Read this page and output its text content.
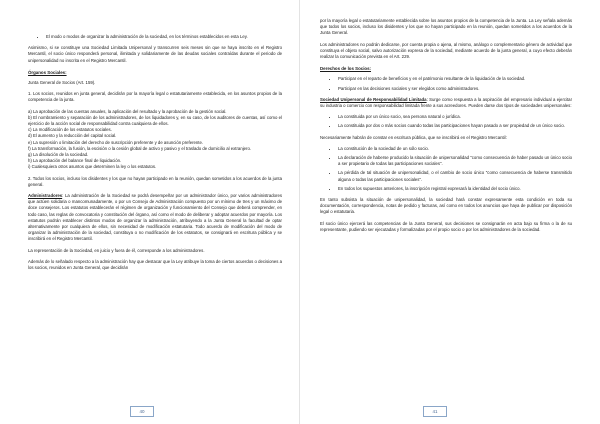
• El modo o modos de organizar la administración de la sociedad, en los términos establecidos en esta Ley.

Asimismo, si se constituye una Sociedad Limitada Unipersonal y transcurren seis meses sin que se haya inscrito en el Registro Mercantil, el socio único responderá personal, ilimitada y solidariamente de las deudas sociales contraídas durante el periodo de unipersonalidad no inscrita en el Registro Mercantil.

Órganos Sociales:

Junta General de Socios (Art. 159).

1. Los socios, reunidos en junta general, decidirán por la mayoría legal o estatutariamente establecida, en los asuntos propios de la competencia de la junta.

a) La aprobación de las cuentas anuales, la aplicación del resultado y la aprobación de la gestión social.

b) El nombramiento y separación de los administradores, de los liquidadores y, en su caso, de los auditores de cuentas, así como el ejercicio de la acción social de responsabilidad contra cualquiera de ellos.

c) La modificación de los estatutos sociales.

d) El aumento y la reducción del capital social.

e) La supresión o limitación del derecho de suscripción preferente y de asunción preferente.

f) La transformación, la fusión, la escisión o la cesión global de activo y pasivo y el traslado de domicilio al extranjero.

g) La disolución de la sociedad.

h) La aprobación del balance final de liquidación.

i) Cualesquiera otros asuntos que determinen la ley o los estatutos.

2. Todos los socios, incluso los disidentes y los que no hayan participado en la reunión, quedan sometidos a los acuerdos de la junta general.

Administradores: La administración de la Sociedad se podrá desempeñar por un administrador único, por varios administradores que actúen solidaria o mancomunadamente, o por un Consejo de Administración compuesto por un mínimo de tres y un máximo de doce consejeros. Los estatutos establecerán el régimen de organización y funcionamiento del Consejo que deberá comprender, en todo caso, las reglas de convocatoria y constitución del órgano, así como el modo de deliberar y adoptar acuerdos por mayoría. Los estatutos podrán establecer distintos modos de organizar la administración, atribuyendo a la Junta General la facultad de optar alternativamente por cualquiera de ellos, sin necesidad de modificación estatutaria. Todo acuerdo de modificación del modo de organizar la administración de la sociedad, constituya o no modificación de los estatutos, se consignará en escritura pública y se inscribirá en el Registro Mercantil.

La representación de la Sociedad, en juicio y fuera de él, corresponde a los administradores.

Además de lo señalado respecto a la administración hay que destacar que la Ley atribuye la toma de ciertos acuerdos o decisiones a los socios, reunidos en Junta General, que decidirán

40

por la mayoría legal o estatutariamente establecida sobre los asuntos propios de la competencia de la Junta. La Ley señala además que todos los socios, incluso los disidentes y los que no hayan participado en la reunión, quedan sometidos a los acuerdos de la Junta General.

Los administradores no podrán dedicarse, por cuenta propia o ajena, al mismo, análogo o complementario género de actividad que constituya el objeto social, salvo autorización expresa de la sociedad, mediante acuerdo de la junta general, a cuyo efecto deberán realizar la comunicación prevista en el Art. 229.

Derechos de los Socios:

• Participar en el reparto de beneficios y en el patrimonio resultante de la liquidación de la sociedad.
• Participar en las decisiones sociales y ser elegidos como administradores.

Sociedad Unipersonal de Responsabilidad Limitada: Surge como respuesta a la aspiración del empresario individual a ejercitar su industria o comercio con responsabilidad limitada frente a sus acreedores. Pueden darse dos tipos de sociedades unipersonales:

• La constituida por un único socio, sea persona natural o jurídica.
• La constituida por dos o más socios cuando todas las participaciones hayan pasado a ser propiedad de un único socio.

Necesariamente habrán de constar en escritura pública, que se inscribirá en el Registro Mercantil:

• La constitución de la sociedad de un sólo socio.
• La declaración de haberse producido la situación de unipersonalidad "como consecuencia de haber pasado un único socio a ser propietario de todas las participaciones sociales".
• La pérdida de tal situación de unipersonalidad, o el cambio de socio único "como consecuencia de haberse transmitido alguna o todas las participaciones sociales".
• En todos los supuestos anteriores, la inscripción registral expresará la identidad del socio único.

En tanto subsista la situación de unipersonalidad, la sociedad hará constar expresamente esta condición en toda su documentación, correspondencia, notas de pedido y facturas, así como en todos los anuncios que haya de publicar por disposición legal o estatutaria.

El socio único ejercerá las competencias de la Junta General, sus decisiones se consignarán en acta bajo su firma o la de su representante, pudiendo ser ejecutadas y formalizadas por el propio socio o por los administradores de la sociedad.

41
